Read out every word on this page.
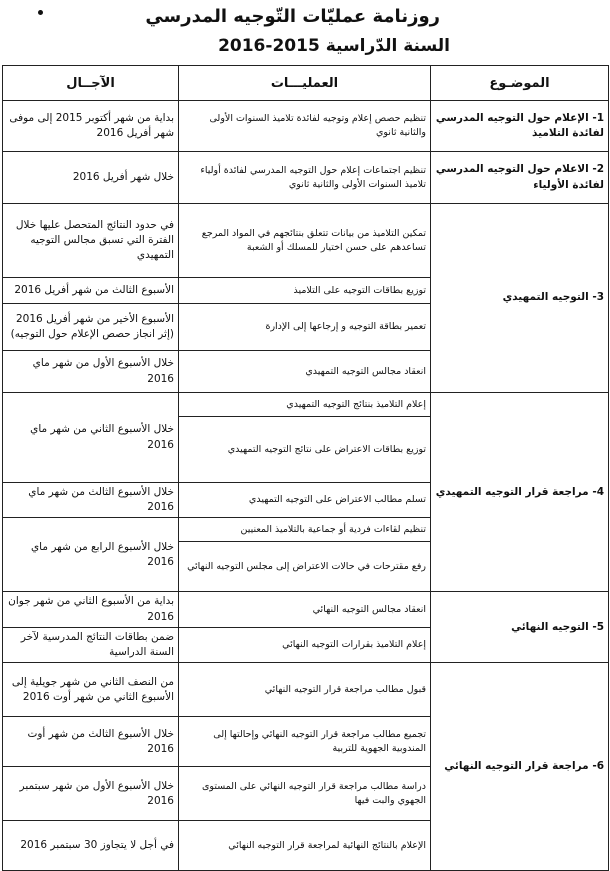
روزنامة عمليّات التّوجيه المدرسي
السنة الدّراسية 2015-2016
الموضـوع	العمليـــات	الآجــال
1- الإعلام حول التوجيه المدرسي لفائدة التلاميذ	تنظيم حصص إعلام وتوجيه لفائدة تلاميذ السنوات الأولى والثانية ثانوي	بداية من شهر أكتوبر 2015 إلى موفى شهر أفريل 2016
2- الاعلام حول التوجيه المدرسي لفائدة الأولياء	تنظيم اجتماعات إعلام حول التوجيه المدرسي لفائدة أولياء تلاميذ السنوات الأولى والثانية ثانوي	خلال شهر أفريل 2016
3- التوجيه التمهيدي	تمكين التلاميذ من بيانات تتعلق بنتائجهم في المواد المرجع تساعدهم على حسن اختيار للمسلك أو الشعبة	في حدود النتائج المتحصل عليها خلال الفترة التي تسبق مجالس التوجيه التمهيدي
	توزيع بطاقات التوجيه على التلاميذ	الأسبوع الثالث من شهر أفريل 2016
	تعمير بطاقة التوجيه و إرجاعها إلى الإدارة	الأسبوع الأخير من شهر أفريل 2016 (إثر انجاز حصص الإعلام حول التوجيه)
	انعقاد مجالس التوجيه التمهيدي	خلال الأسبوع الأول من شهر ماي 2016
4- مراجعة قرار التوجيه التمهيدي	إعلام التلاميذ بنتائج التوجيه التمهيدي	خلال الأسبوع الثاني من شهر ماي 2016
	توزيع بطاقات الاعتراض على نتائج التوجيه التمهيدي	
	تسلم مطالب الاعتراض على التوجيه التمهيدي	خلال الأسبوع الثالث من شهر ماي 2016
	تنظيم لقاءات فردية أو جماعية بالتلاميذ المعنيين	خلال الأسبوع الرابع من شهر ماي 2016
	رفع مقترحات في حالات الاعتراض إلى مجلس التوجيه النهائي	
5- التوجيه النهائي	انعقاد مجالس التوجيه النهائي	بداية من الأسبوع الثاني من شهر جوان 2016
	إعلام التلاميذ بقرارات التوجيه النهائي	ضمن بطاقات النتائج المدرسية لآخر السنة الدراسية
6- مراجعة قرار التوجيه النهائي	قبول مطالب مراجعة قرار التوجيه النهائي	من النصف الثاني من شهر جويلية إلى الأسبوع الثاني من شهر أوت 2016
	تجميع مطالب مراجعة قرار التوجيه النهائي وإحالتها إلى المندوبية الجهوية للتربية	خلال الأسبوع الثالث من شهر أوت 2016
	دراسة مطالب مراجعة قرار التوجيه النهائي على المستوى الجهوي والبت فيها	خلال الأسبوع الأول من شهر سبتمبر 2016
	الإعلام بالنتائج النهائية لمراجعة قرار التوجيه النهائي	في أجل لا يتجاوز 30 سبتمبر 2016
